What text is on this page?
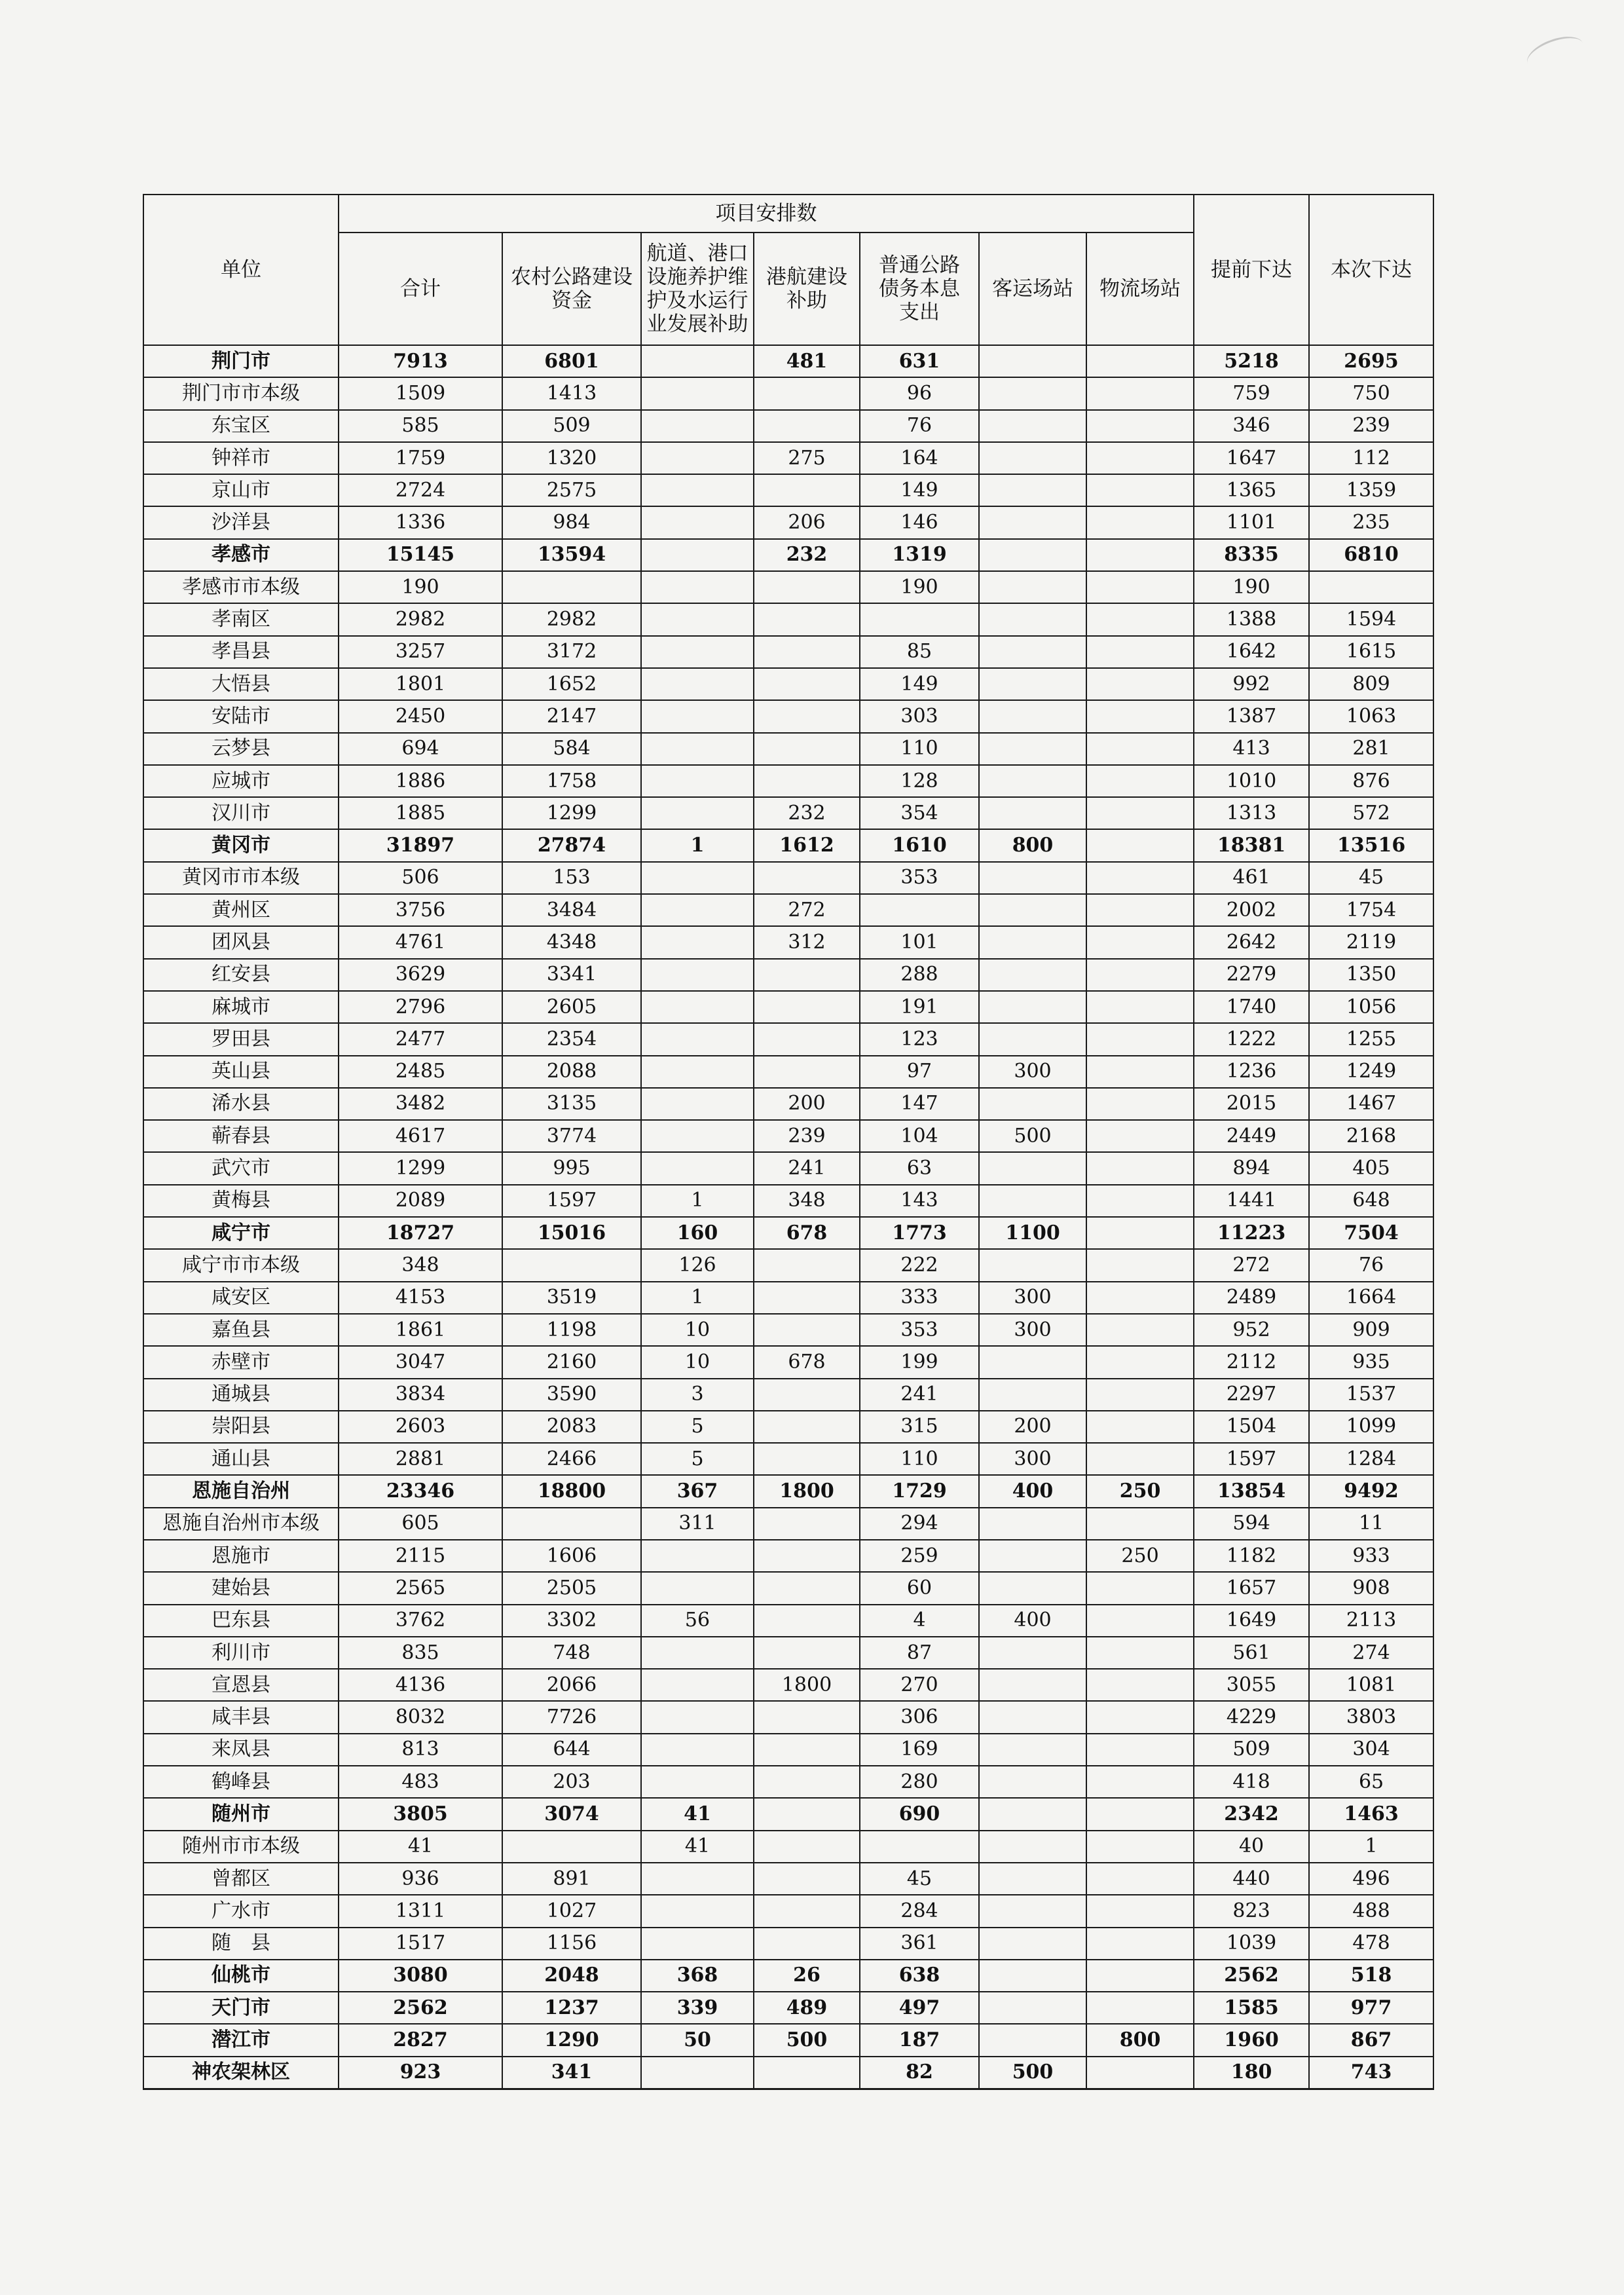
单位	项目安排数							提前下达	本次下达
	合计	农村公路建设资金	航道、港口设施养护维护及水运行业发展补助	港航建设补助	普通公路债务本息支出	客运场站	物流场站		
荆门市	7913	6801		481	631			5218	2695
荆门市市本级	1509	1413			96			759	750
东宝区	585	509			76			346	239
钟祥市	1759	1320		275	164			1647	112
京山市	2724	2575			149			1365	1359
沙洋县	1336	984		206	146			1101	235
孝感市	15145	13594		232	1319			8335	6810
孝感市市本级	190				190			190	
孝南区	2982	2982						1388	1594
孝昌县	3257	3172			85			1642	1615
大悟县	1801	1652			149			992	809
安陆市	2450	2147			303			1387	1063
云梦县	694	584			110			413	281
应城市	1886	1758			128			1010	876
汉川市	1885	1299		232	354			1313	572
黄冈市	31897	27874	1	1612	1610	800		18381	13516
黄冈市市本级	506	153			353			461	45
黄州区	3756	3484		272				2002	1754
团风县	4761	4348		312	101			2642	2119
红安县	3629	3341			288			2279	1350
麻城市	2796	2605			191			1740	1056
罗田县	2477	2354			123			1222	1255
英山县	2485	2088			97	300		1236	1249
浠水县	3482	3135		200	147			2015	1467
蕲春县	4617	3774		239	104	500		2449	2168
武穴市	1299	995		241	63			894	405
黄梅县	2089	1597	1	348	143			1441	648
咸宁市	18727	15016	160	678	1773	1100		11223	7504
咸宁市市本级	348		126		222			272	76
咸安区	4153	3519	1		333	300		2489	1664
嘉鱼县	1861	1198	10		353	300		952	909
赤壁市	3047	2160	10	678	199			2112	935
通城县	3834	3590	3		241			2297	1537
崇阳县	2603	2083	5		315	200		1504	1099
通山县	2881	2466	5		110	300		1597	1284
恩施自治州	23346	18800	367	1800	1729	400	250	13854	9492
恩施自治州市本级	605		311		294			594	11
恩施市	2115	1606			259		250	1182	933
建始县	2565	2505			60			1657	908
巴东县	3762	3302	56		4	400		1649	2113
利川市	835	748			87			561	274
宣恩县	4136	2066		1800	270			3055	1081
咸丰县	8032	7726			306			4229	3803
来凤县	813	644			169			509	304
鹤峰县	483	203			280			418	65
随州市	3805	3074	41		690			2342	1463
随州市市本级	41		41					40	1
曾都区	936	891			45			440	496
广水市	1311	1027			284			823	488
随　县	1517	1156			361			1039	478
仙桃市	3080	2048	368	26	638			2562	518
天门市	2562	1237	339	489	497			1585	977
潜江市	2827	1290	50	500	187		800	1960	867
神农架林区	923	341			82	500		180	743
